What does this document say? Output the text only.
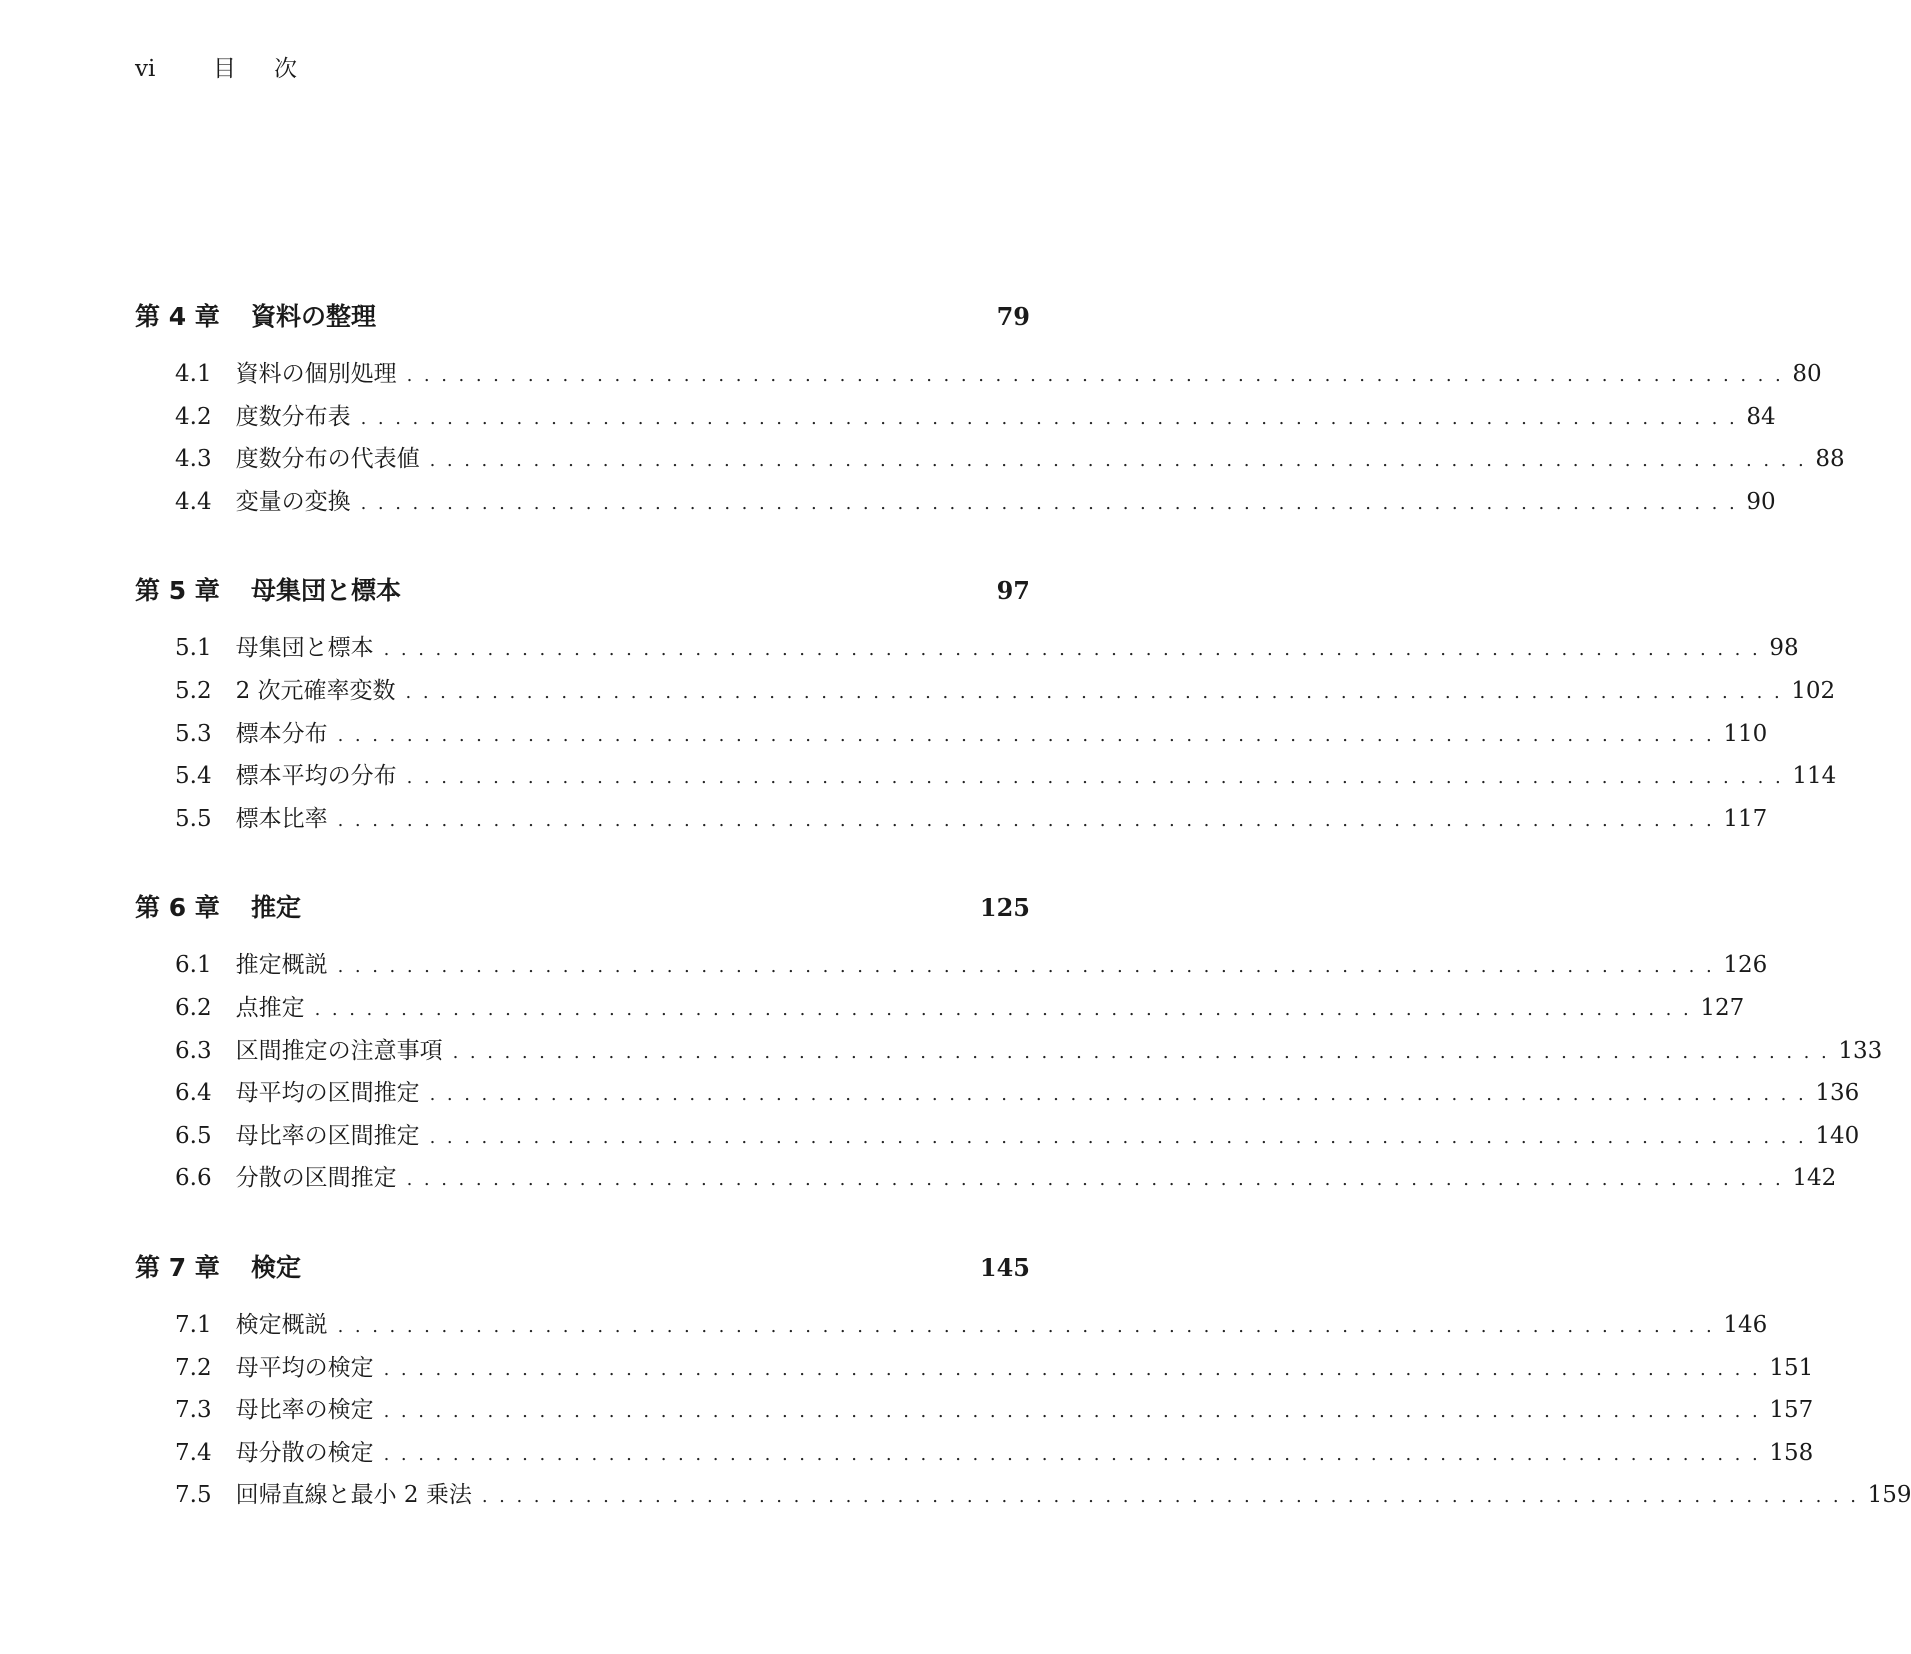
vi	目次
第 4 章	資料の整理	79
4.1 資料の個別処理 ................................................................................ 80
4.2 度数分布表 ................................................................................ 84
4.3 度数分布の代表値 ................................................................................ 88
4.4 変量の変換 ................................................................................ 90
第 5 章	母集団と標本	97
5.1 母集団と標本 ................................................................................ 98
5.2 2 次元確率変数 ................................................................................ 102
5.3 標本分布 ................................................................................ 110
5.4 標本平均の分布 ................................................................................ 114
5.5 標本比率 ................................................................................ 117
第 6 章	推定	125
6.1 推定概説 ................................................................................ 126
6.2 点推定 ................................................................................ 127
6.3 区間推定の注意事項 ................................................................................ 133
6.4 母平均の区間推定 ................................................................................ 136
6.5 母比率の区間推定 ................................................................................ 140
6.6 分散の区間推定 ................................................................................ 142
第 7 章	検定	145
7.1 検定概説 ................................................................................ 146
7.2 母平均の検定 ................................................................................ 151
7.3 母比率の検定 ................................................................................ 157
7.4 母分散の検定 ................................................................................ 158
7.5 回帰直線と最小 2 乗法 ................................................................................ 159
